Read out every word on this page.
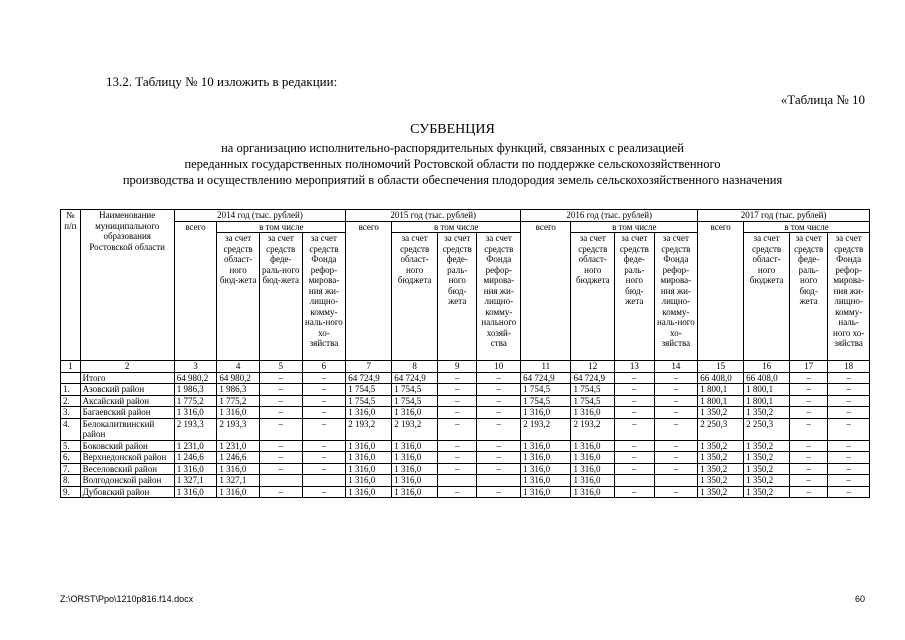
13.2. Таблицу № 10 изложить в редакции:
«Таблица № 10
СУБВЕНЦИЯ
на организацию исполнительно-распорядительных функций, связанных с реализацией
переданных государственных полномочий Ростовской области по поддержке сельскохозяйственного
производства и осуществлению мероприятий в области обеспечения плодородия земель сельскохозяйственного назначения
№ п/п	Наименование муниципального образования Ростовской области	2014 год (тыс. рублей)				2015 год (тыс. рублей)				2016 год (тыс. рублей)				2017 год (тыс. рублей)			
		всего	в том числе			всего	в том числе			всего	в том числе			всего	в том числе		
			за счет средств област-ного бюд-жета	за счет средств феде-раль-ного бюд-жета	за счет средств Фонда рефор-мирова-ния жи-лищно-комму-наль-ного хо-зяйства		за счет средств област-ного бюджета	за счет средств феде-раль-ного бюд-жета	за счет средств Фонда рефор-мирова-ния жи-лищно-комму-нального хозяй-ства		за счет средств област-ного бюджета	за счет средств феде-раль-ного бюд-жета	за счет средств Фонда рефор-мирова-ния жи-лищно-комму-наль-ного хо-зяйства		за счет средств област-ного бюджета	за счет средств феде-раль-ного бюд-жета	за счет средств Фонда рефор-мирова-ния жи-лищно-комму-наль-ного хо-зяйства
1	2	3	4	5	6	7	8	9	10	11	12	13	14	15	16	17	18
	Итого	64 980,2	64 980,2	–	–	64 724,9	64 724,9	–	–	64 724,9	64 724,9	–	–	66 408,0	66 408,0	–	–
1.	Азовский район	1 986,3	1 986,3	–	–	1 754,5	1 754,5	–	–	1 754,5	1 754,5	–	–	1 800,1	1 800,1	–	–
2.	Аксайский район	1 775,2	1 775,2	–	–	1 754,5	1 754,5	–	–	1 754,5	1 754,5	–	–	1 800,1	1 800,1	–	–
3.	Багаевский район	1 316,0	1 316,0	–	–	1 316,0	1 316,0	–	–	1 316,0	1 316,0	–	–	1 350,2	1 350,2	–	–
4.	Белокалитвинский район	2 193,3	2 193,3	–	–	2 193,2	2 193,2	–	–	2 193,2	2 193,2	–	–	2 250,3	2 250,3	–	–
5.	Боковский район	1 231,0	1 231,0	–	–	1 316,0	1 316,0	–	–	1 316,0	1 316,0	–	–	1 350,2	1 350,2	–	–
6.	Верхнедонской район	1 246,6	1 246,6	–	–	1 316,0	1 316,0	–	–	1 316,0	1 316,0	–	–	1 350,2	1 350,2	–	–
7.	Веселовский район	1 316,0	1 316,0	–	–	1 316,0	1 316,0	–	–	1 316,0	1 316,0	–	–	1 350,2	1 350,2	–	–
8.	Волгодонской район	1 327,1	1 327,1			1 316,0	1 316,0			1 316,0	1 316,0			1 350,2	1 350,2	–	–
9.	Дубовский район	1 316,0	1 316,0	–	–	1 316,0	1 316,0	–	–	1 316,0	1 316,0	–	–	1 350,2	1 350,2	–	–
Z:\ORST\Ppo\1210p816.f14.docx	60
